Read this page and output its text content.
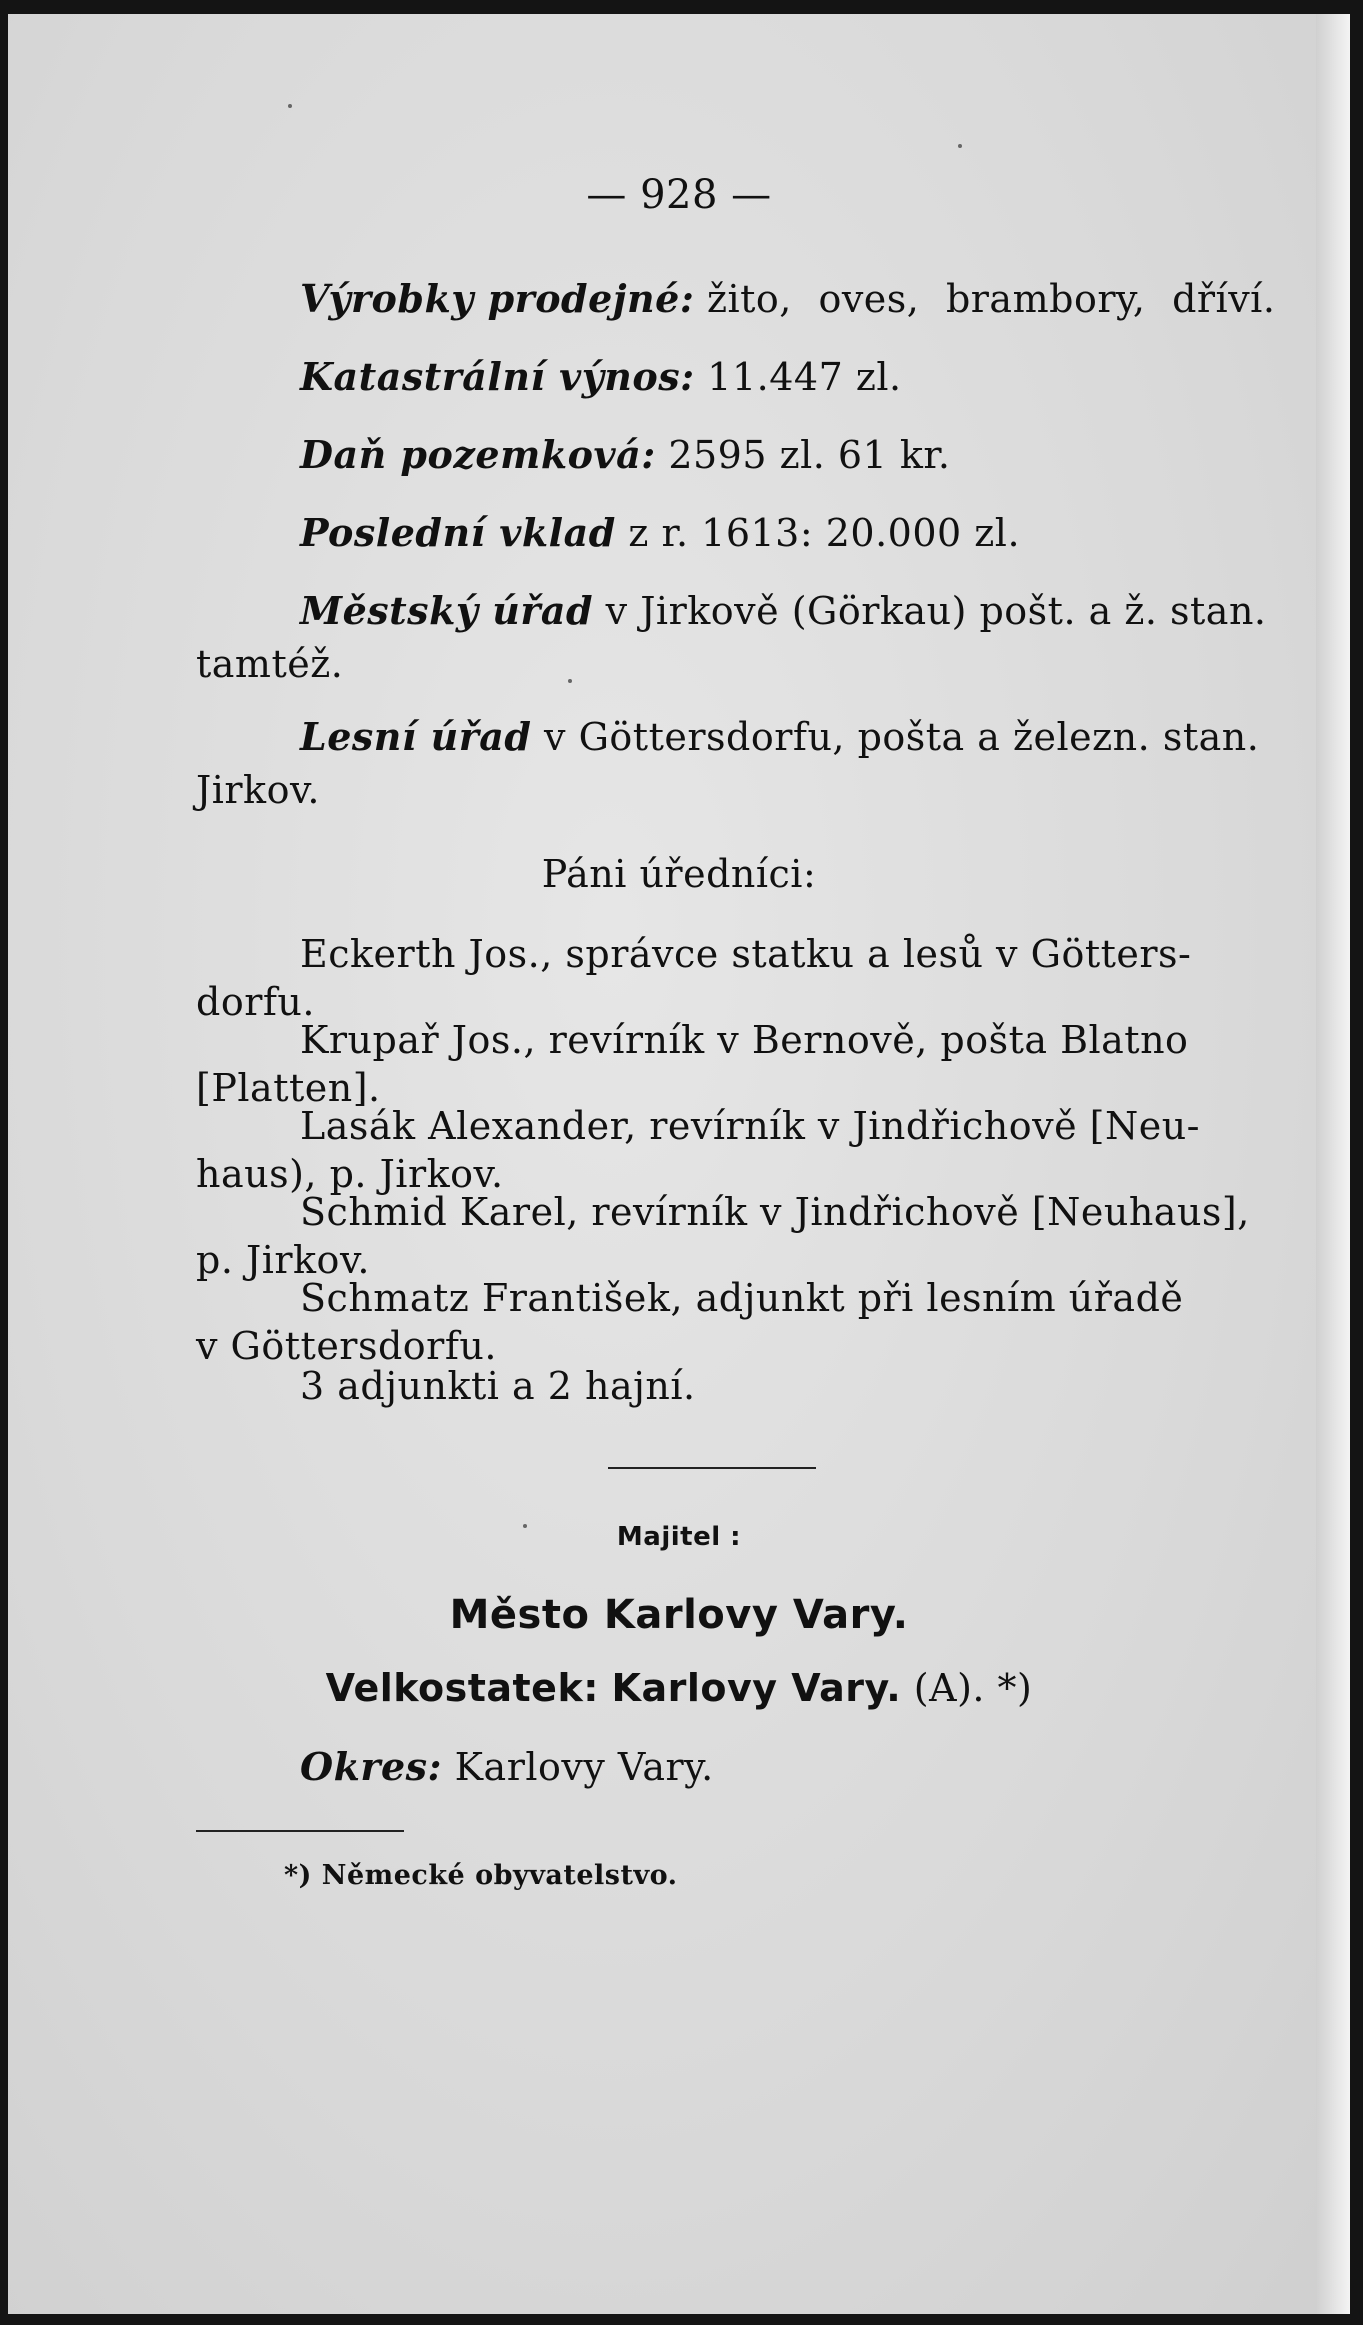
— 928 —
Výrobky prodejné: žito, oves, brambory, dříví.
Katastrální výnos: 11.447 zl.
Daň pozemková: 2595 zl. 61 kr.
Poslední vklad z r. 1613: 20.000 zl.
Městský úřad v Jirkově (Görkau) pošt. a ž. stan.
tamtéž.
Lesní úřad v Göttersdorfu, pošta a železn. stan.
Jirkov.
Páni úředníci:
Eckerth Jos., správce statku a lesů v Götters-
dorfu.
Krupař Jos., revírník v Bernově, pošta Blatno
[Platten].
Lasák Alexander, revírník v Jindřichově [Neu-
haus), p. Jirkov.
Schmid Karel, revírník v Jindřichově [Neuhaus],
p. Jirkov.
Schmatz František, adjunkt při lesním úřadě
v Göttersdorfu.
3 adjunkti a 2 hajní.
Majitel :
Město Karlovy Vary.
Velkostatek: Karlovy Vary. (A). *)
Okres: Karlovy Vary.
*) Německé obyvatelstvo.
